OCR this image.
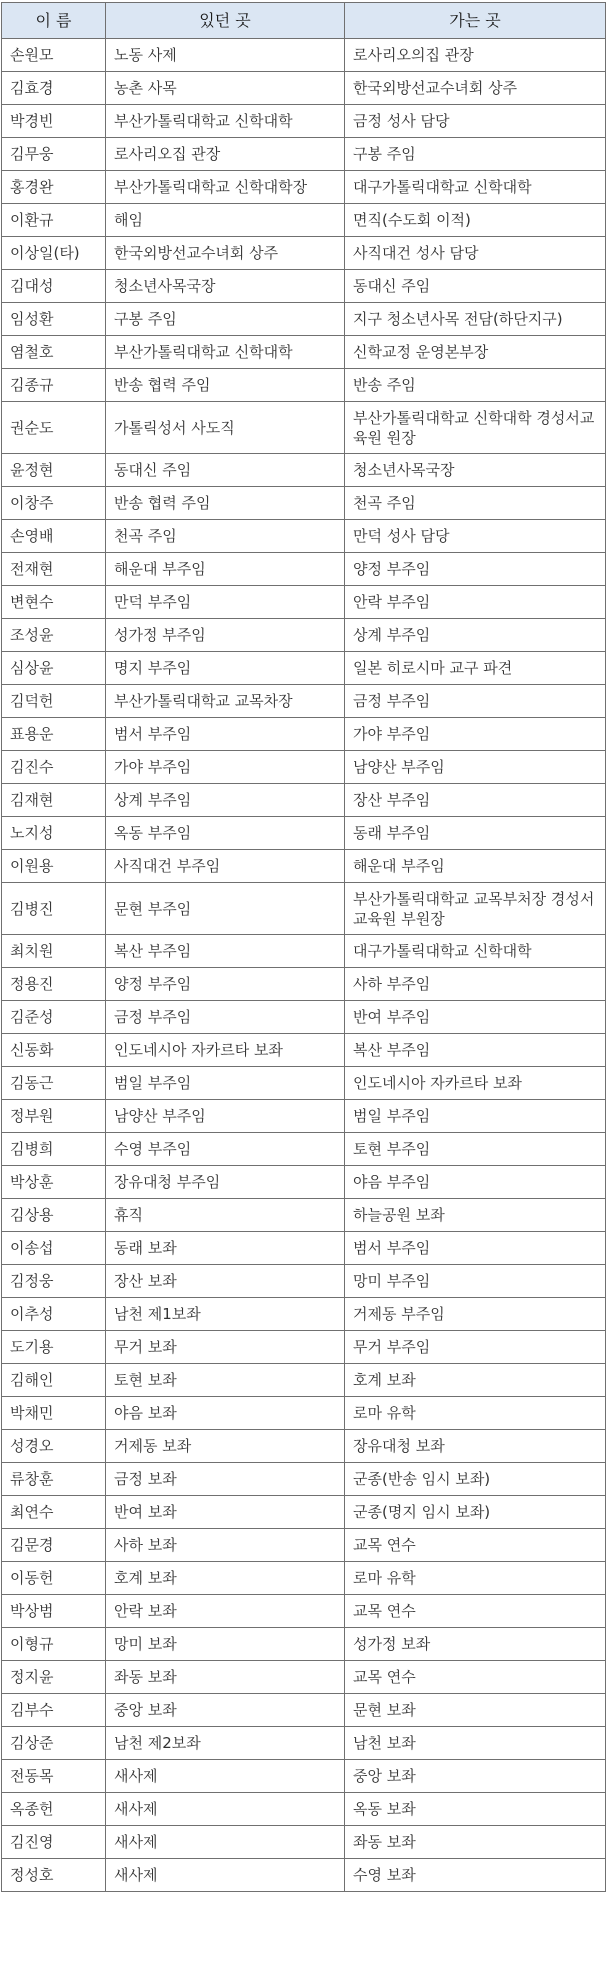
이 름	있던 곳	가는 곳
손원모	노동 사제	로사리오의집 관장
김효경	농촌 사목	한국외방선교수녀회 상주
박경빈	부산가톨릭대학교 신학대학	금정 성사 담당
김무웅	로사리오집 관장	구봉 주임
홍경완	부산가톨릭대학교 신학대학장	대구가톨릭대학교 신학대학
이환규	해임	면직(수도회 이적)
이상일(타)	한국외방선교수녀회 상주	사직대건 성사 담당
김대성	청소년사목국장	동대신 주임
임성환	구봉 주임	지구 청소년사목 전담(하단지구)
염철호	부산가톨릭대학교 신학대학	신학교정 운영본부장
김종규	반송 협력 주임	반송 주임
권순도	가톨릭성서 사도직	부산가톨릭대학교 신학대학 경성서교육원 원장
윤정현	동대신 주임	청소년사목국장
이창주	반송 협력 주임	천곡 주임
손영배	천곡 주임	만덕 성사 담당
전재현	해운대 부주임	양정 부주임
변현수	만덕 부주임	안락 부주임
조성윤	성가정 부주임	상계 부주임
심상윤	명지 부주임	일본 히로시마 교구 파견
김덕헌	부산가톨릭대학교 교목차장	금정 부주임
표용운	범서 부주임	가야 부주임
김진수	가야 부주임	남양산 부주임
김재현	상계 부주임	장산 부주임
노지성	옥동 부주임	동래 부주임
이원용	사직대건 부주임	해운대 부주임
김병진	문현 부주임	부산가톨릭대학교 교목부처장 경성서교육원 부원장
최치원	복산 부주임	대구가톨릭대학교 신학대학
정용진	양정 부주임	사하 부주임
김준성	금정 부주임	반여 부주임
신동화	인도네시아 자카르타 보좌	복산 부주임
김동근	범일 부주임	인도네시아 자카르타 보좌
정부원	남양산 부주임	범일 부주임
김병희	수영 부주임	토현 부주임
박상훈	장유대청 부주임	야음 부주임
김상용	휴직	하늘공원 보좌
이송섭	동래 보좌	범서 부주임
김정웅	장산 보좌	망미 부주임
이추성	남천 제1보좌	거제동 부주임
도기용	무거 보좌	무거 부주임
김해인	토현 보좌	호계 보좌
박채민	야음 보좌	로마 유학
성경오	거제동 보좌	장유대청 보좌
류창훈	금정 보좌	군종(반송 임시 보좌)
최연수	반여 보좌	군종(명지 임시 보좌)
김문경	사하 보좌	교목 연수
이동헌	호계 보좌	로마 유학
박상범	안락 보좌	교목 연수
이형규	망미 보좌	성가정 보좌
정지윤	좌동 보좌	교목 연수
김부수	중앙 보좌	문현 보좌
김상준	남천 제2보좌	남천 보좌
전동목	새사제	중앙 보좌
옥종헌	새사제	옥동 보좌
김진영	새사제	좌동 보좌
정성호	새사제	수영 보좌
